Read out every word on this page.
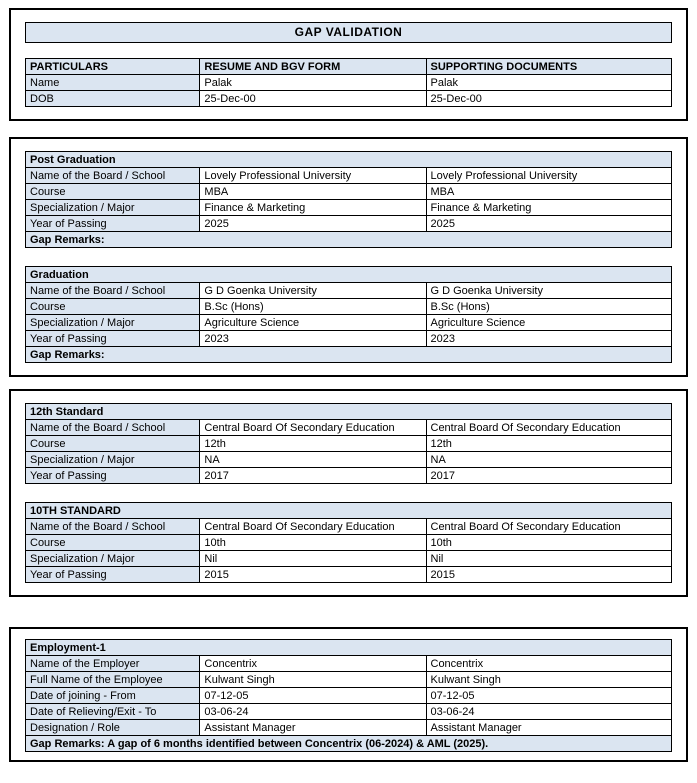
GAP VALIDATION
PARTICULARS	RESUME AND BGV FORM	SUPPORTING DOCUMENTS
Name	Palak	Palak
DOB	25-Dec-00	25-Dec-00
Post Graduation		
Name of the Board / School	Lovely Professional University	Lovely Professional University
Course	MBA	MBA
Specialization / Major	Finance & Marketing	Finance & Marketing
Year of Passing	2025	2025
Gap Remarks:		
Graduation		
Name of the Board / School	G D Goenka University	G D Goenka University
Course	B.Sc (Hons)	B.Sc (Hons)
Specialization / Major	Agriculture Science	Agriculture Science
Year of Passing	2023	2023
Gap Remarks:		
12th Standard		
Name of the Board / School	Central Board Of Secondary Education	Central Board Of Secondary Education
Course	12th	12th
Specialization / Major	NA	NA
Year of Passing	2017	2017
10TH STANDARD		
Name of the Board / School	Central Board Of Secondary Education	Central Board Of Secondary Education
Course	10th	10th
Specialization / Major	Nil	Nil
Year of Passing	2015	2015
Employment-1		
Name of the Employer	Concentrix	Concentrix
Full Name of the Employee	Kulwant Singh	Kulwant Singh
Date of joining - From	07-12-05	07-12-05
Date of Relieving/Exit - To	03-06-24	03-06-24
Designation / Role	Assistant Manager	Assistant Manager
Gap Remarks: A gap of 6 months identified between Concentrix (06-2024) & AML (2025).		
